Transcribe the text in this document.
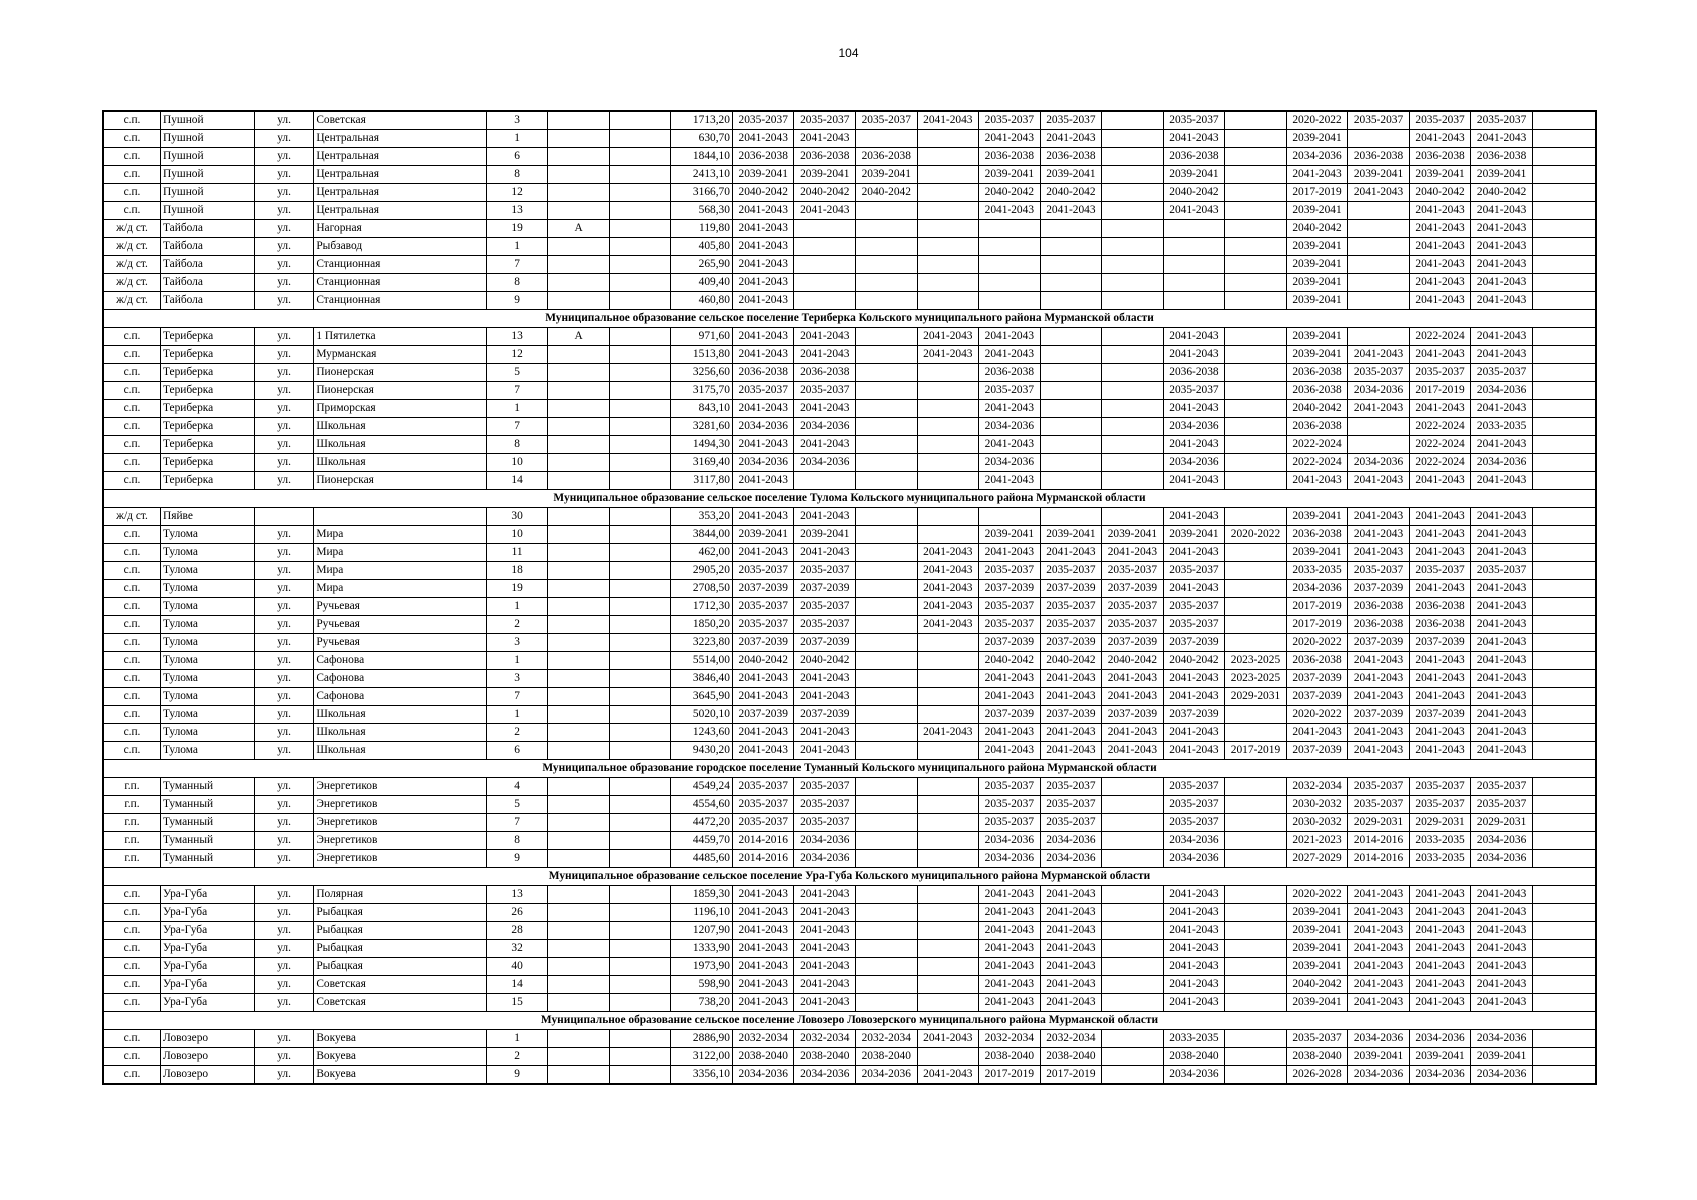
104
с.п.	Пушной	ул.	Советская	3			1713,20	2035-2037	2035-2037	2035-2037	2041-2043	2035-2037	2035-2037		2035-2037		2020-2022	2035-2037	2035-2037	2035-2037	
с.п.	Пушной	ул.	Центральная	1			630,70	2041-2043	2041-2043			2041-2043	2041-2043		2041-2043		2039-2041		2041-2043	2041-2043	
с.п.	Пушной	ул.	Центральная	6			1844,10	2036-2038	2036-2038	2036-2038		2036-2038	2036-2038		2036-2038		2034-2036	2036-2038	2036-2038	2036-2038	
с.п.	Пушной	ул.	Центральная	8			2413,10	2039-2041	2039-2041	2039-2041		2039-2041	2039-2041		2039-2041		2041-2043	2039-2041	2039-2041	2039-2041	
с.п.	Пушной	ул.	Центральная	12			3166,70	2040-2042	2040-2042	2040-2042		2040-2042	2040-2042		2040-2042		2017-2019	2041-2043	2040-2042	2040-2042	
с.п.	Пушной	ул.	Центральная	13			568,30	2041-2043	2041-2043			2041-2043	2041-2043		2041-2043		2039-2041		2041-2043	2041-2043	
ж/д ст.	Тайбола	ул.	Нагорная	19	А		119,80	2041-2043									2040-2042		2041-2043	2041-2043	
ж/д ст.	Тайбола	ул.	Рыбзавод	1			405,80	2041-2043									2039-2041		2041-2043	2041-2043	
ж/д ст.	Тайбола	ул.	Станционная	7			265,90	2041-2043									2039-2041		2041-2043	2041-2043	
ж/д ст.	Тайбола	ул.	Станционная	8			409,40	2041-2043									2039-2041		2041-2043	2041-2043	
ж/д ст.	Тайбола	ул.	Станционная	9			460,80	2041-2043									2039-2041		2041-2043	2041-2043	
Муниципальное образование сельское поселение Териберка Кольского муниципального района Мурманской области																					
с.п.	Териберка	ул.	1 Пятилетка	13	А		971,60	2041-2043	2041-2043		2041-2043	2041-2043			2041-2043		2039-2041		2022-2024	2041-2043	
с.п.	Териберка	ул.	Мурманская	12			1513,80	2041-2043	2041-2043		2041-2043	2041-2043			2041-2043		2039-2041	2041-2043	2041-2043	2041-2043	
с.п.	Териберка	ул.	Пионерская	5			3256,60	2036-2038	2036-2038			2036-2038			2036-2038		2036-2038	2035-2037	2035-2037	2035-2037	
с.п.	Териберка	ул.	Пионерская	7			3175,70	2035-2037	2035-2037			2035-2037			2035-2037		2036-2038	2034-2036	2017-2019	2034-2036	
с.п.	Териберка	ул.	Приморская	1			843,10	2041-2043	2041-2043			2041-2043			2041-2043		2040-2042	2041-2043	2041-2043	2041-2043	
с.п.	Териберка	ул.	Школьная	7			3281,60	2034-2036	2034-2036			2034-2036			2034-2036		2036-2038		2022-2024	2033-2035	
с.п.	Териберка	ул.	Школьная	8			1494,30	2041-2043	2041-2043			2041-2043			2041-2043		2022-2024		2022-2024	2041-2043	
с.п.	Териберка	ул.	Школьная	10			3169,40	2034-2036	2034-2036			2034-2036			2034-2036		2022-2024	2034-2036	2022-2024	2034-2036	
с.п.	Териберка	ул.	Пионерская	14			3117,80	2041-2043				2041-2043			2041-2043		2041-2043	2041-2043	2041-2043	2041-2043	
Муниципальное образование сельское поселение Тулома Кольского муниципального района Мурманской области																					
ж/д ст.	Пяйве			30			353,20	2041-2043	2041-2043						2041-2043		2039-2041	2041-2043	2041-2043	2041-2043	
с.п.	Тулома	ул.	Мира	10			3844,00	2039-2041	2039-2041			2039-2041	2039-2041	2039-2041	2039-2041	2020-2022	2036-2038	2041-2043	2041-2043	2041-2043	
с.п.	Тулома	ул.	Мира	11			462,00	2041-2043	2041-2043		2041-2043	2041-2043	2041-2043	2041-2043	2041-2043		2039-2041	2041-2043	2041-2043	2041-2043	
с.п.	Тулома	ул.	Мира	18			2905,20	2035-2037	2035-2037		2041-2043	2035-2037	2035-2037	2035-2037	2035-2037		2033-2035	2035-2037	2035-2037	2035-2037	
с.п.	Тулома	ул.	Мира	19			2708,50	2037-2039	2037-2039		2041-2043	2037-2039	2037-2039	2037-2039	2041-2043		2034-2036	2037-2039	2041-2043	2041-2043	
с.п.	Тулома	ул.	Ручьевая	1			1712,30	2035-2037	2035-2037		2041-2043	2035-2037	2035-2037	2035-2037	2035-2037		2017-2019	2036-2038	2036-2038	2041-2043	
с.п.	Тулома	ул.	Ручьевая	2			1850,20	2035-2037	2035-2037		2041-2043	2035-2037	2035-2037	2035-2037	2035-2037		2017-2019	2036-2038	2036-2038	2041-2043	
с.п.	Тулома	ул.	Ручьевая	3			3223,80	2037-2039	2037-2039			2037-2039	2037-2039	2037-2039	2037-2039		2020-2022	2037-2039	2037-2039	2041-2043	
с.п.	Тулома	ул.	Сафонова	1			5514,00	2040-2042	2040-2042			2040-2042	2040-2042	2040-2042	2040-2042	2023-2025	2036-2038	2041-2043	2041-2043	2041-2043	
с.п.	Тулома	ул.	Сафонова	3			3846,40	2041-2043	2041-2043			2041-2043	2041-2043	2041-2043	2041-2043	2023-2025	2037-2039	2041-2043	2041-2043	2041-2043	
с.п.	Тулома	ул.	Сафонова	7			3645,90	2041-2043	2041-2043			2041-2043	2041-2043	2041-2043	2041-2043	2029-2031	2037-2039	2041-2043	2041-2043	2041-2043	
с.п.	Тулома	ул.	Школьная	1			5020,10	2037-2039	2037-2039			2037-2039	2037-2039	2037-2039	2037-2039		2020-2022	2037-2039	2037-2039	2041-2043	
с.п.	Тулома	ул.	Школьная	2			1243,60	2041-2043	2041-2043		2041-2043	2041-2043	2041-2043	2041-2043	2041-2043		2041-2043	2041-2043	2041-2043	2041-2043	
с.п.	Тулома	ул.	Школьная	6			9430,20	2041-2043	2041-2043			2041-2043	2041-2043	2041-2043	2041-2043	2017-2019	2037-2039	2041-2043	2041-2043	2041-2043	
Муниципальное образование городское поселение Туманный Кольского муниципального района Мурманской области																					
г.п.	Туманный	ул.	Энергетиков	4			4549,24	2035-2037	2035-2037			2035-2037	2035-2037		2035-2037		2032-2034	2035-2037	2035-2037	2035-2037	
г.п.	Туманный	ул.	Энергетиков	5			4554,60	2035-2037	2035-2037			2035-2037	2035-2037		2035-2037		2030-2032	2035-2037	2035-2037	2035-2037	
г.п.	Туманный	ул.	Энергетиков	7			4472,20	2035-2037	2035-2037			2035-2037	2035-2037		2035-2037		2030-2032	2029-2031	2029-2031	2029-2031	
г.п.	Туманный	ул.	Энергетиков	8			4459,70	2014-2016	2034-2036			2034-2036	2034-2036		2034-2036		2021-2023	2014-2016	2033-2035	2034-2036	
г.п.	Туманный	ул.	Энергетиков	9			4485,60	2014-2016	2034-2036			2034-2036	2034-2036		2034-2036		2027-2029	2014-2016	2033-2035	2034-2036	
Муниципальное образование сельское поселение Ура-Губа Кольского муниципального района Мурманской области																					
с.п.	Ура-Губа	ул.	Полярная	13			1859,30	2041-2043	2041-2043			2041-2043	2041-2043		2041-2043		2020-2022	2041-2043	2041-2043	2041-2043	
с.п.	Ура-Губа	ул.	Рыбацкая	26			1196,10	2041-2043	2041-2043			2041-2043	2041-2043		2041-2043		2039-2041	2041-2043	2041-2043	2041-2043	
с.п.	Ура-Губа	ул.	Рыбацкая	28			1207,90	2041-2043	2041-2043			2041-2043	2041-2043		2041-2043		2039-2041	2041-2043	2041-2043	2041-2043	
с.п.	Ура-Губа	ул.	Рыбацкая	32			1333,90	2041-2043	2041-2043			2041-2043	2041-2043		2041-2043		2039-2041	2041-2043	2041-2043	2041-2043	
с.п.	Ура-Губа	ул.	Рыбацкая	40			1973,90	2041-2043	2041-2043			2041-2043	2041-2043		2041-2043		2039-2041	2041-2043	2041-2043	2041-2043	
с.п.	Ура-Губа	ул.	Советская	14			598,90	2041-2043	2041-2043			2041-2043	2041-2043		2041-2043		2040-2042	2041-2043	2041-2043	2041-2043	
с.п.	Ура-Губа	ул.	Советская	15			738,20	2041-2043	2041-2043			2041-2043	2041-2043		2041-2043		2039-2041	2041-2043	2041-2043	2041-2043	
Муниципальное образование сельское поселение Ловозеро Ловозерского муниципального района Мурманской области																					
с.п.	Ловозеро	ул.	Вокуева	1			2886,90	2032-2034	2032-2034	2032-2034	2041-2043	2032-2034	2032-2034		2033-2035		2035-2037	2034-2036	2034-2036	2034-2036	
с.п.	Ловозеро	ул.	Вокуева	2			3122,00	2038-2040	2038-2040	2038-2040		2038-2040	2038-2040		2038-2040		2038-2040	2039-2041	2039-2041	2039-2041	
с.п.	Ловозеро	ул.	Вокуева	9			3356,10	2034-2036	2034-2036	2034-2036	2041-2043	2017-2019	2017-2019		2034-2036		2026-2028	2034-2036	2034-2036	2034-2036	
